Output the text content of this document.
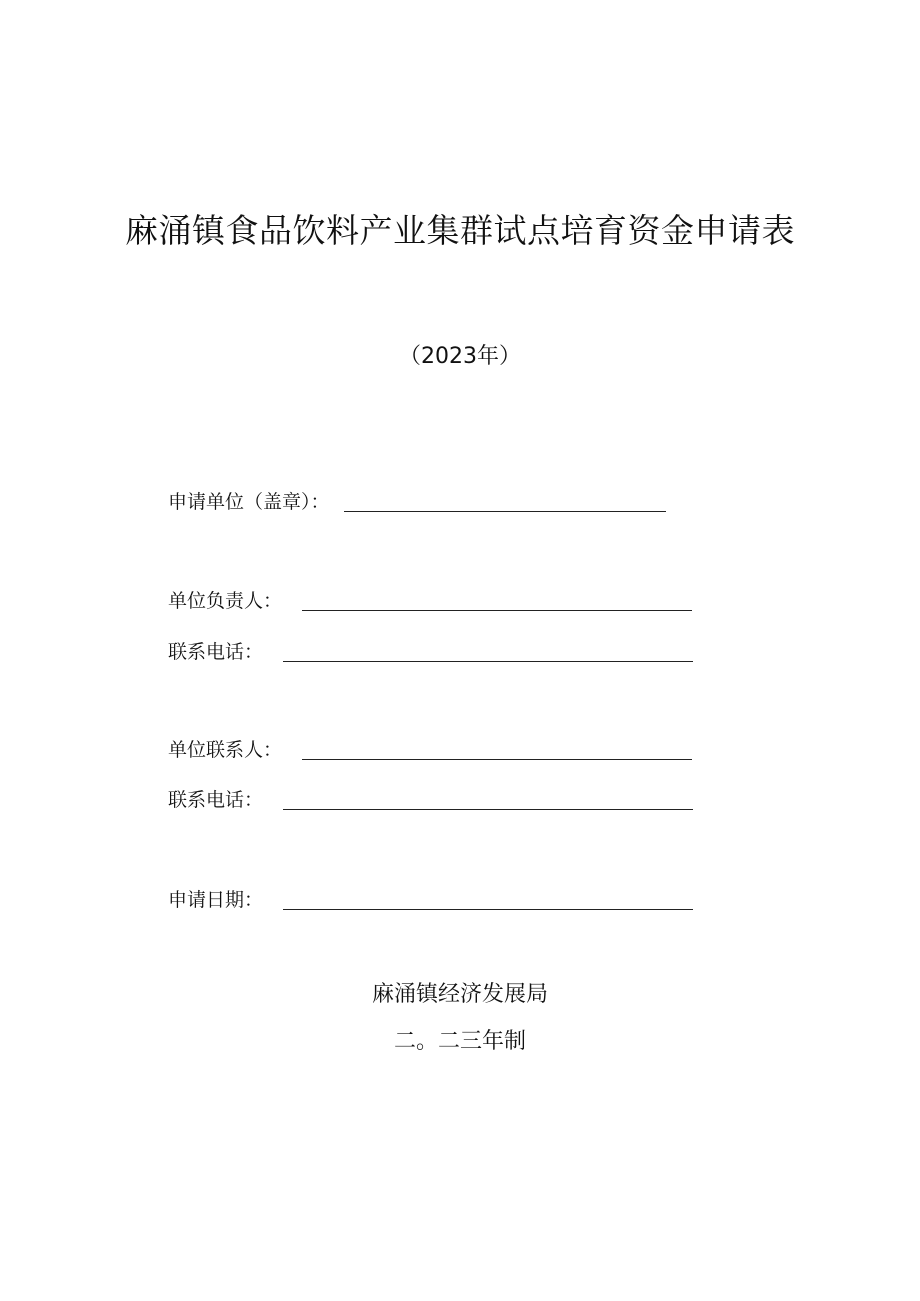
麻涌镇食品饮料产业集群试点培育资金申请表
（2023年）
申请单位（盖章）：
单位负责人：
联系电话：
单位联系人：
联系电话：
申请日期：
麻涌镇经济发展局
二。二三年制
